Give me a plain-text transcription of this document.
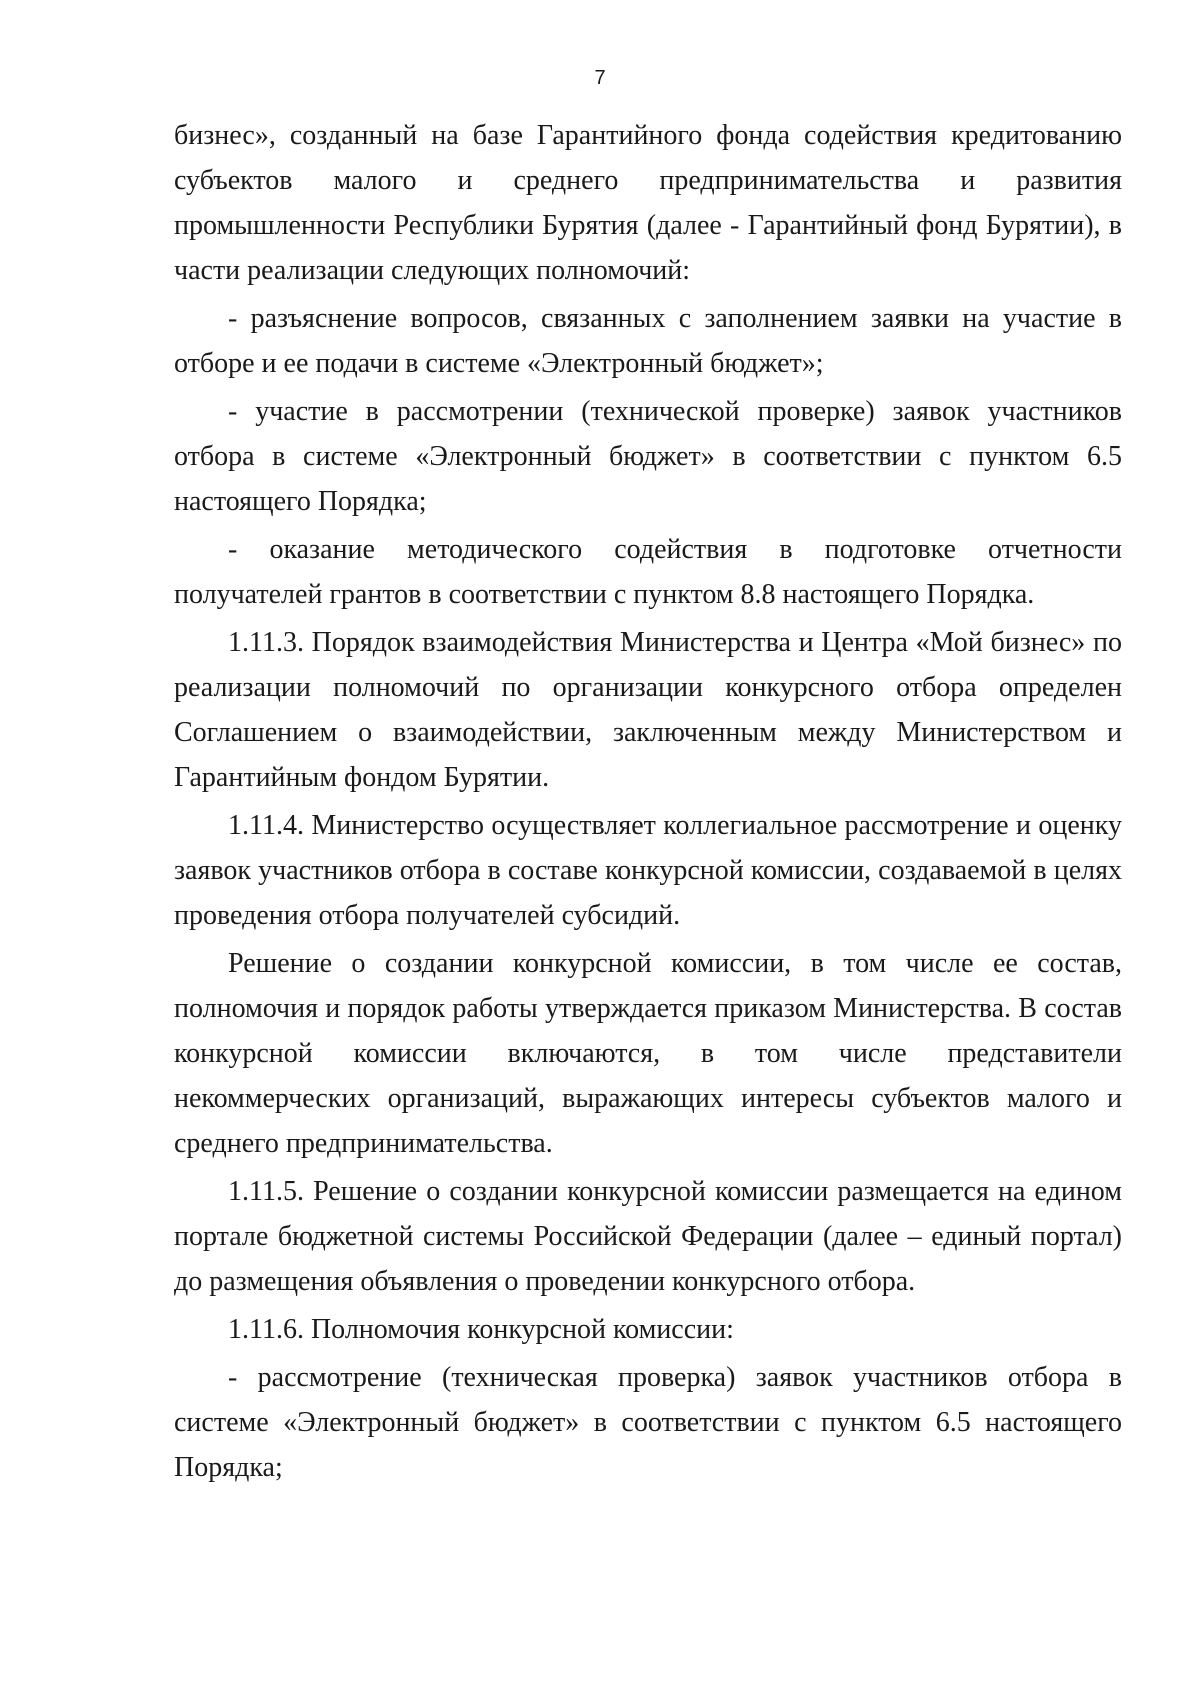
7

бизнес», созданный на базе Гарантийного фонда содействия кредитованию субъектов малого и среднего предпринимательства и развития промышленности Республики Бурятия (далее - Гарантийный фонд Бурятии), в части реализации следующих полномочий:

- разъяснение вопросов, связанных с заполнением заявки на участие в отборе и ее подачи в системе «Электронный бюджет»;

- участие в рассмотрении (технической проверке) заявок участников отбора в системе «Электронный бюджет» в соответствии с пунктом 6.5 настоящего Порядка;

- оказание методического содействия в подготовке отчетности получателей грантов в соответствии с пунктом 8.8 настоящего Порядка.

1.11.3. Порядок взаимодействия Министерства и Центра «Мой бизнес» по реализации полномочий по организации конкурсного отбора определен Соглашением о взаимодействии, заключенным между Министерством и Гарантийным фондом Бурятии.

1.11.4. Министерство осуществляет коллегиальное рассмотрение и оценку заявок участников отбора в составе конкурсной комиссии, создаваемой в целях проведения отбора получателей субсидий.

Решение о создании конкурсной комиссии, в том числе ее состав, полномочия и порядок работы утверждается приказом Министерства. В состав конкурсной комиссии включаются, в том числе представители некоммерческих организаций, выражающих интересы субъектов малого и среднего предпринимательства.

1.11.5. Решение о создании конкурсной комиссии размещается на едином портале бюджетной системы Российской Федерации (далее – единый портал) до размещения объявления о проведении конкурсного отбора.

1.11.6. Полномочия конкурсной комиссии:

- рассмотрение (техническая проверка) заявок участников отбора в системе «Электронный бюджет» в соответствии с пунктом 6.5 настоящего Порядка;
